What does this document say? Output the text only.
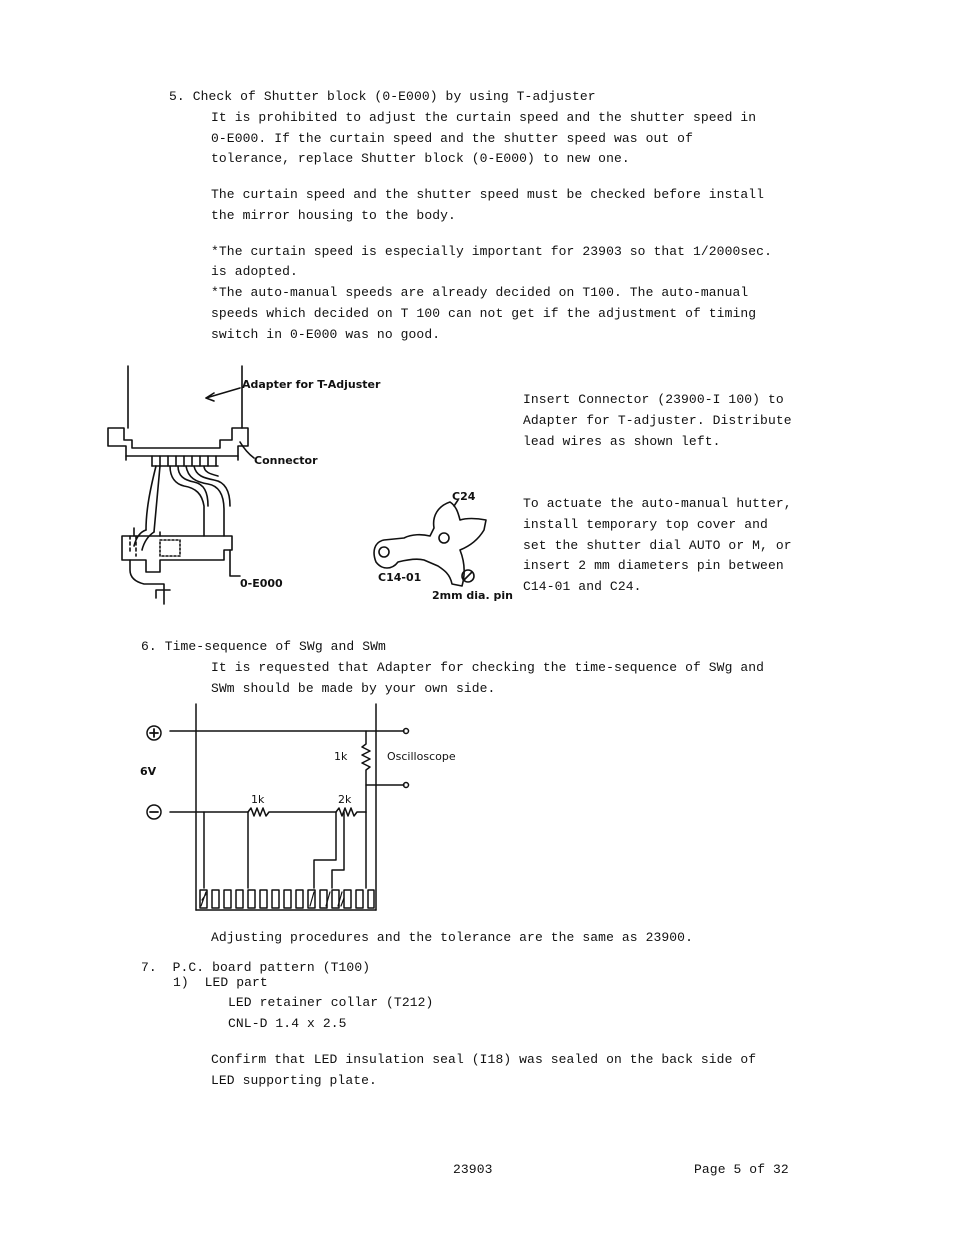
5. Check of Shutter block (0-E000) by using T-adjuster
It is prohibited to adjust the curtain speed and the shutter speed in
0-E000. If the curtain speed and the shutter speed was out of
tolerance, replace Shutter block (0-E000) to new one.
The curtain speed and the shutter speed must be checked before install
the mirror housing to the body.
*The curtain speed is especially important for 23903 so that 1/2000sec.
is adopted.
*The auto-manual speeds are already decided on T100. The auto-manual
speeds which decided on T 100 can not get if the adjustment of timing
switch in 0-E000 was no good.
Adapter for T-Adjuster
Connector
0-E000
C24
C14-01
2mm dia. pin
Insert Connector (23900-I 100) to
Adapter for T-adjuster. Distribute
lead wires as shown left.
To actuate the auto-manual hutter,
install temporary top cover and
set the shutter dial AUTO or M, or
insert 2 mm diameters pin between
C14-01 and C24.
6. Time-sequence of SWg and SWm
It is requested that Adapter for checking the time-sequence of SWg and
SWm should be made by your own side.
6V
1k
1k	2k
Oscilloscope
Adjusting procedures and the tolerance are the same as 23900.
7.  P.C. board pattern (T100)
1)  LED part
LED retainer collar (T212)
CNL-D 1.4 x 2.5
Confirm that LED insulation seal (I18) was sealed on the back side of
LED supporting plate.
23903	Page 5 of 32
